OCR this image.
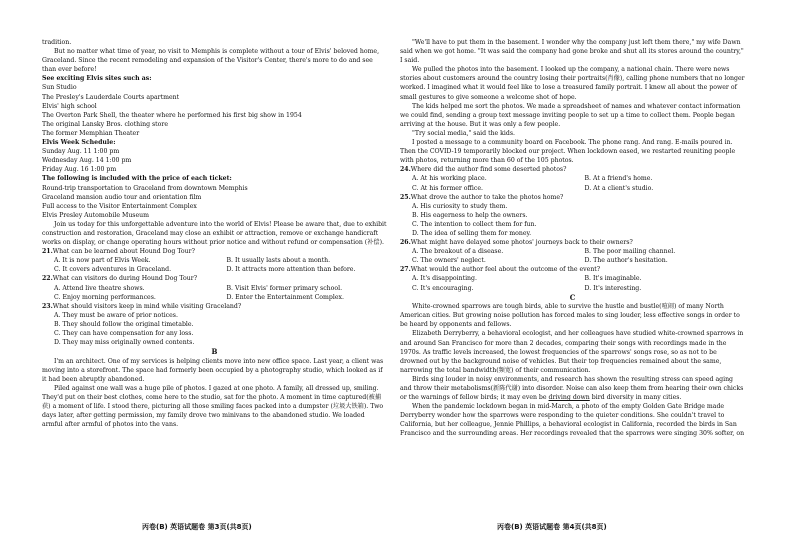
tradition.

But no matter what time of year, no visit to Memphis is complete without a tour of Elvis' beloved home, Graceland. Since the recent remodeling and expansion of the Visitor's Center, there's more to do and see than ever before!

See exciting Elvis sites such as:

Sun Studio

The Presley's Lauderdale Courts apartment

Elvis' high school

The Overton Park Shell, the theater where he performed his first big show in 1954

The original Lansky Bros. clothing store

The former Memphian Theater

Elvis Week Schedule:

Sunday Aug. 11 1:00 pm

Wednesday Aug. 14 1:00 pm

Friday Aug. 16 1:00 pm

The following is included with the price of each ticket:

Round-trip transportation to Graceland from downtown Memphis

Graceland mansion audio tour and orientation film

Full access to the Visitor Entertainment Complex

Elvis Presley Automobile Museum

Join us today for this unforgettable adventure into the world of Elvis! Please be aware that, due to exhibit construction and restoration, Graceland may close an exhibit or attraction, remove or exchange handicraft works on display, or change operating hours without prior notice and without refund or compensation (补偿).

21.What can be learned about Hound Dog Tour?
A. It is now part of Elvis Week.	B. It usually lasts about a month.
C. It covers adventures in Graceland.	D. It attracts more attention than before.
22.What can visitors do during Hound Dog Tour?
A. Attend live theatre shows.	B. Visit Elvis' former primary school.
C. Enjoy morning performances.	D. Enter the Entertainment Complex.
23.What should visitors keep in mind while visiting Graceland?
A. They must be aware of prior notices.
B. They should follow the original timetable.
C. They can have compensation for any loss.
D. They may miss originally owned contents.
B

I'm an architect. One of my services is helping clients move into new office space. Last year, a client was moving into a storefront. The space had formerly been occupied by a photography studio, which looked as if it had been abruptly abandoned.

Piled against one wall was a huge pile of photos. I gazed at one photo. A family, all dressed up, smiling. They'd put on their best clothes, come here to the studio, sat for the photo. A moment in time captured(被捕获) a moment of life. I stood there, picturing all those smiling faces packed into a dumpster (垃圾大铁箱). Two days later, after getting permission, my family drove two minivans to the abandoned studio. We loaded armful after armful of photos into the vans.

"We'll have to put them in the basement. I wonder why the company just left them there," my wife Dawn said when we got home. "It was said the company had gone broke and shut all its stores around the country," I said.

We pulled the photos into the basement. I looked up the company, a national chain. There were news stories about customers around the country losing their portraits(肖像), calling phone numbers that no longer worked. I imagined what it would feel like to lose a treasured family portrait. I knew all about the power of small gestures to give someone a welcome shot of hope.

The kids helped me sort the photos. We made a spreadsheet of names and whatever contact information we could find, sending a group text message inviting people to set up a time to collect them. People began arriving at the house. But it was only a few people.

"Try social media," said the kids.

I posted a message to a community board on Facebook. The phone rang. And rang. E-mails poured in. Then the COVID-19 temporarily blocked our project. When lockdown eased, we restarted reuniting people with photos, returning more than 60 of the 105 photos.

24.Where did the author find some deserted photos?
A. At his working place.	B. At a friend's home.
C. At his former office.	D. At a client's studio.
25.What drove the author to take the photos home?
A. His curiosity to study them.
B. His eagerness to help the owners.
C. The intention to collect them for fun.
D. The idea of selling them for money.
26.What might have delayed some photos' journeys back to their owners?
A. The breakout of a disease.	B. The poor mailing channel.
C. The owners' neglect.	D. The author's hesitation.
27.What would the author feel about the outcome of the event?
A. It's disappointing.	B. It's imaginable.
C. It's encouraging.	D. It's interesting.
C

White-crowned sparrows are tough birds, able to survive the hustle and bustle(喧闹) of many North American cities. But growing noise pollution has forced males to sing louder, less effective songs in order to be heard by opponents and fellows.

Elizabeth Derryberry, a behavioral ecologist, and her colleagues have studied white-crowned sparrows in and around San Francisco for more than 2 decades, comparing their songs with recordings made in the 1970s. As traffic levels increased, the lowest frequencies of the sparrows' songs rose, so as not to be drowned out by the background noise of vehicles. But their top frequencies remained about the same, narrowing the total bandwidth(频宽) of their communication.

Birds sing louder in noisy environments, and research has shown the resulting stress can speed aging and throw their metabolisms(新陈代谢) into disorder. Noise can also keep them from hearing their own chicks or the warnings of fellow birds; it may even be driving down bird diversity in many cities.

When the pandemic lockdown began in mid-March, a photo of the empty Golden Gate Bridge made Derryberry wonder how the sparrows were responding to the quieter conditions. She couldn't travel to California, but her colleague, Jennie Phillips, a behavioral ecologist in California, recorded the birds in San Francisco and the surrounding areas. Her recordings revealed that the sparrows were singing 30% softer, on

丙卷(B) 英语试题卷 第3页(共8页)	丙卷(B) 英语试题卷 第4页(共8页)
